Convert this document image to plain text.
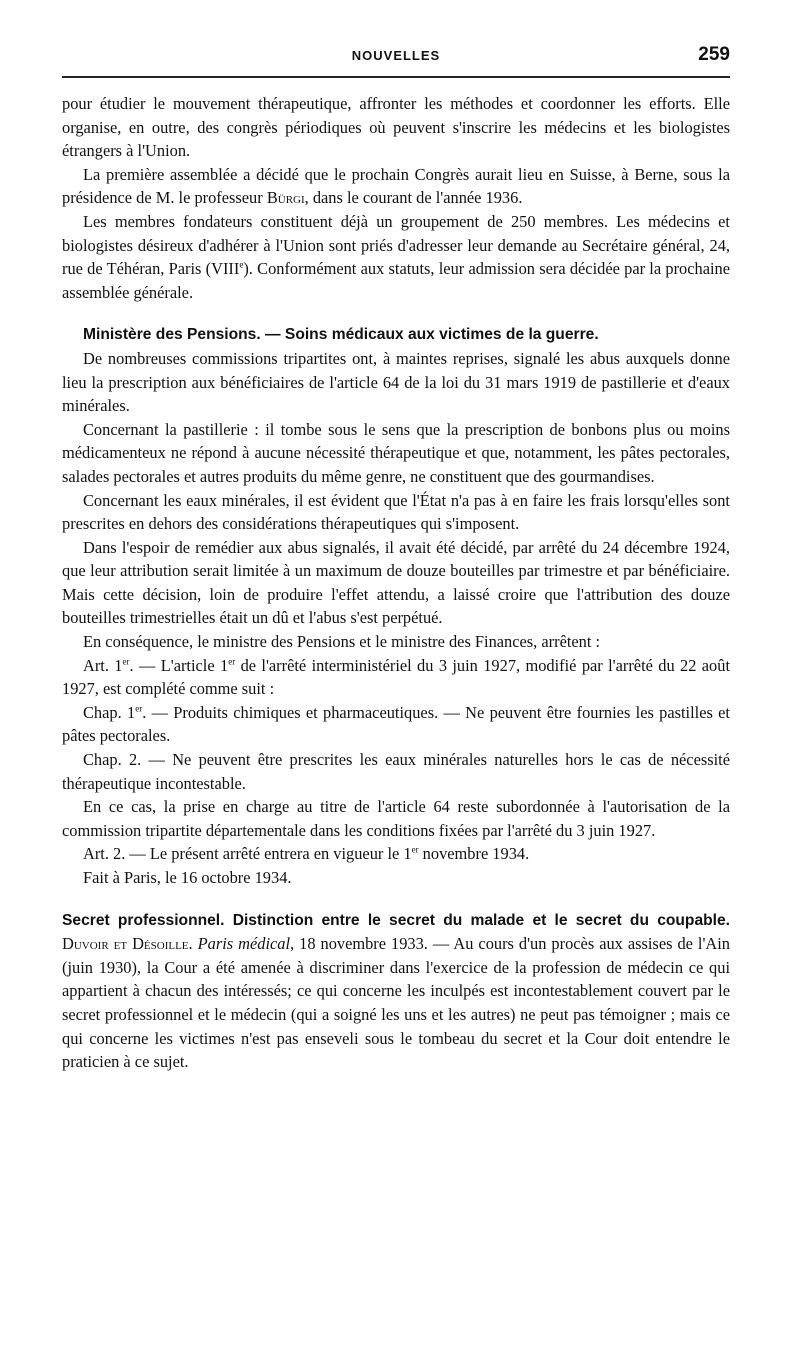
NOUVELLES	259

pour étudier le mouvement thérapeutique, affronter les méthodes et coordonner les efforts. Elle organise, en outre, des congrès périodiques où peuvent s'inscrire les médecins et les biologistes étrangers à l'Union.

La première assemblée a décidé que le prochain Congrès aurait lieu en Suisse, à Berne, sous la présidence de M. le professeur Bürgi, dans le courant de l'année 1936.

Les membres fondateurs constituent déjà un groupement de 250 membres. Les médecins et biologistes désireux d'adhérer à l'Union sont priés d'adresser leur demande au Secrétaire général, 24, rue de Téhéran, Paris (VIIIe). Conformément aux statuts, leur admission sera décidée par la prochaine assemblée générale.

Ministère des Pensions. — Soins médicaux aux victimes de la guerre.

De nombreuses commissions tripartites ont, à maintes reprises, signalé les abus auxquels donne lieu la prescription aux bénéficiaires de l'article 64 de la loi du 31 mars 1919 de pastillerie et d'eaux minérales.

Concernant la pastillerie : il tombe sous le sens que la prescription de bonbons plus ou moins médicamenteux ne répond à aucune nécessité thérapeutique et que, notamment, les pâtes pectorales, salades pectorales et autres produits du même genre, ne constituent que des gourmandises.

Concernant les eaux minérales, il est évident que l'État n'a pas à en faire les frais lorsqu'elles sont prescrites en dehors des considérations thérapeutiques qui s'imposent.

Dans l'espoir de remédier aux abus signalés, il avait été décidé, par arrêté du 24 décembre 1924, que leur attribution serait limitée à un maximum de douze bouteilles par trimestre et par bénéficiaire. Mais cette décision, loin de produire l'effet attendu, a laissé croire que l'attribution des douze bouteilles trimestrielles était un dû et l'abus s'est perpétué.

En conséquence, le ministre des Pensions et le ministre des Finances, arrêtent :

Art. 1er. — L'article 1er de l'arrêté interministériel du 3 juin 1927, modifié par l'arrêté du 22 août 1927, est complété comme suit :

Chap. 1er. — Produits chimiques et pharmaceutiques. — Ne peuvent être fournies les pastilles et pâtes pectorales.

Chap. 2. — Ne peuvent être prescrites les eaux minérales naturelles hors le cas de nécessité thérapeutique incontestable.

En ce cas, la prise en charge au titre de l'article 64 reste subordonnée à l'autorisation de la commission tripartite départementale dans les conditions fixées par l'arrêté du 3 juin 1927.

Art. 2. — Le présent arrêté entrera en vigueur le 1er novembre 1934.

Fait à Paris, le 16 octobre 1934.

Secret professionnel. Distinction entre le secret du malade et le secret du coupable. Duvoir et Désoille. Paris médical, 18 novembre 1933. — Au cours d'un procès aux assises de l'Ain (juin 1930), la Cour a été amenée à discriminer dans l'exercice de la profession de médecin ce qui appartient à chacun des intéressés; ce qui concerne les inculpés est incontestablement couvert par le secret professionnel et le médecin (qui a soigné les uns et les autres) ne peut pas témoigner ; mais ce qui concerne les victimes n'est pas enseveli sous le tombeau du secret et la Cour doit entendre le praticien à ce sujet.
